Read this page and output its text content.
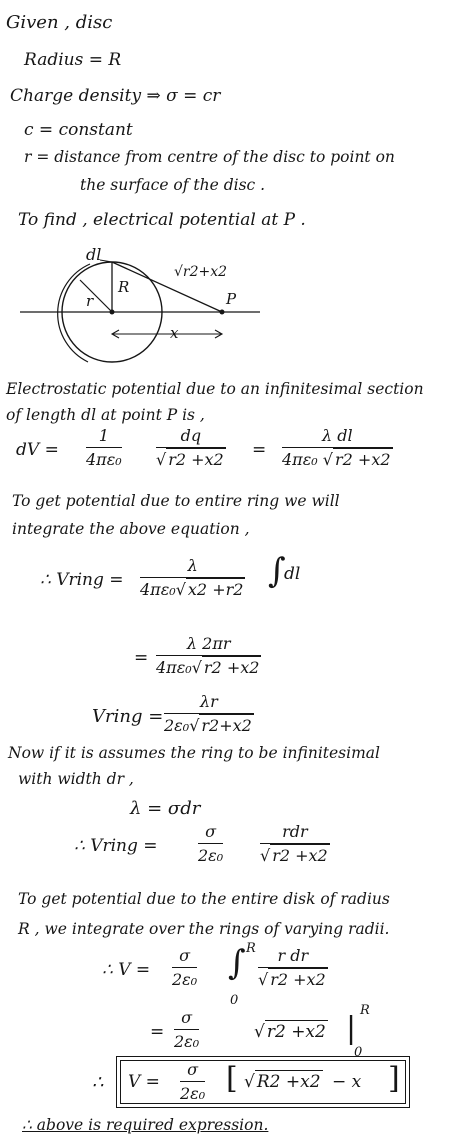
Given , disc
Radius = R
Charge density ⇒ σ = cr
c = constant
r = distance from centre of the disc to point on
the surface of the disc .
To find , electrical potential at P .
dl
R
r
√r2+x2
P
x
Electrostatic potential due to an infinitesimal section
of length dl at point P is ,
dV = $\frac{1}{\text{4πε₀}} \frac{dq}{√ r2 +x2} = \frac{\text{λ dl}}{\text{4πε₀ √ r2 +x2}}$
To get potential due to entire ring we will
integrate the above equation ,
∴ Vring = $\frac{\lambda}{\text{4πε₀√ x2 +r2}}$ ∫
dl
= $\frac{\lambda 2\pi r}{\text{4πε₀√ r2 +x2}}$
Vring = $\frac{\lambda r}{\text{2ε₀√ r2+x2}}$
Now if it is assumes the ring to be infinitesimal
with width dr ,
λ = σdr
∴ Vring =	$\frac{\sigma}{\text{2ε₀}}$	rdr
√ r2 +x2
To get potential due to the entire disk of radius
R , we integrate over the rings of varying radii.
∴ $V = \frac{\sigma}{\text{2ε₀}}$ ∫ R
0
$\frac{\text{r dr}}{√ r2 +x2}$
= $\frac{\sigma}{\text{2ε₀}}$	√ r2 +x2 |
R
0
∴ $V = \frac{\sigma}{\text{2ε₀}}$ [ √ R2 +x2 − x ]
∴ above is required expression.
